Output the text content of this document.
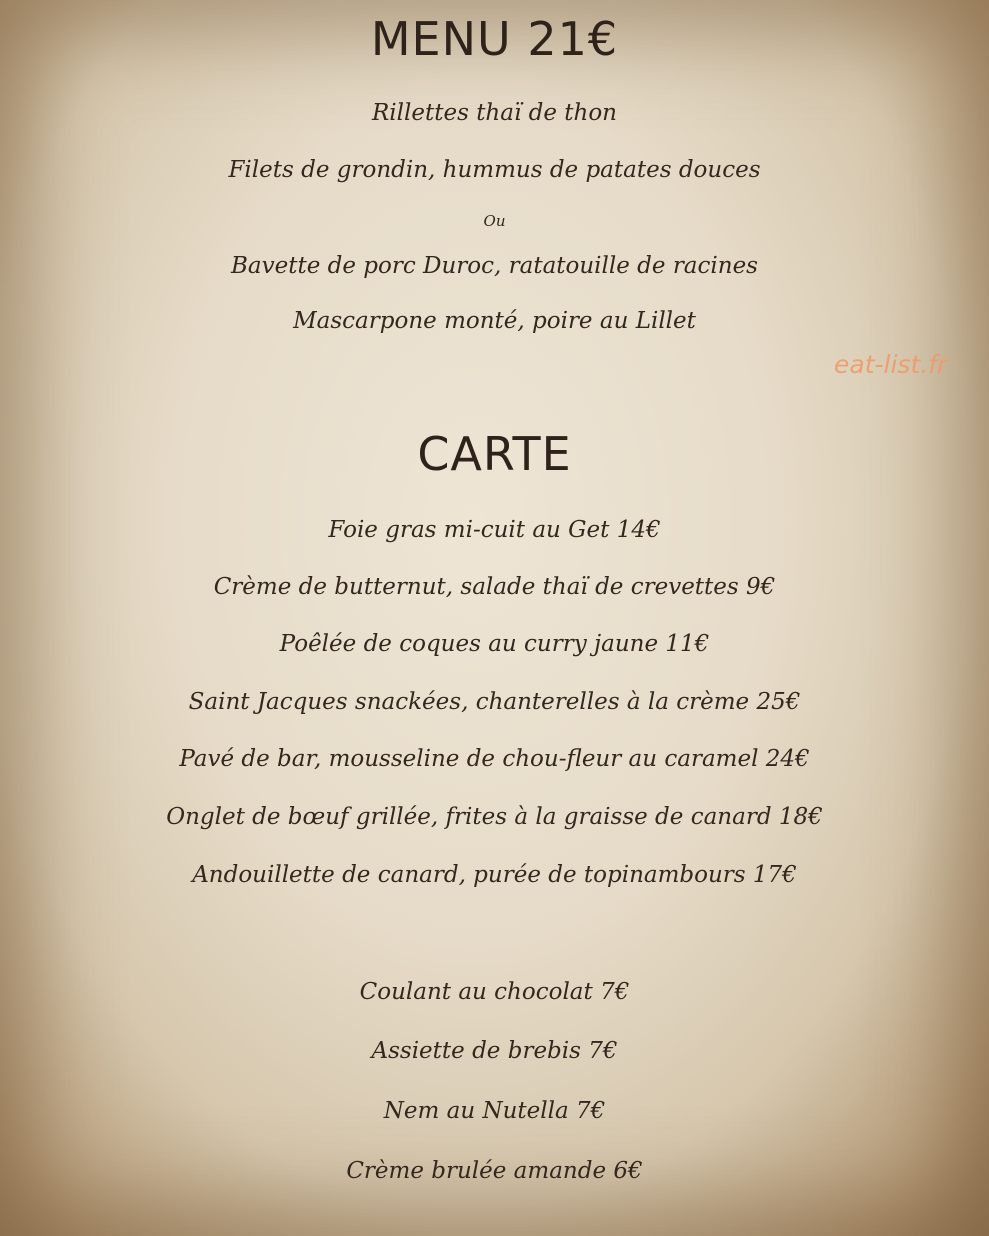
MENU 21€

Rillettes thaï de thon

Filets de grondin, hummus de patates douces

Ou

Bavette de porc Duroc, ratatouille de racines

Mascarpone monté, poire au Lillet

eat-list.fr
CARTE

Foie gras mi-cuit au Get 14€

Crème de butternut, salade thaï de crevettes 9€

Poêlée de coques au curry jaune 11€

Saint Jacques snackées, chanterelles à la crème 25€

Pavé de bar, mousseline de chou-fleur au caramel 24€

Onglet de bœuf grillée, frites à la graisse de canard 18€

Andouillette de canard, purée de topinambours 17€

Coulant au chocolat 7€

Assiette de brebis 7€

Nem au Nutella 7€

Crème brulée amande 6€
